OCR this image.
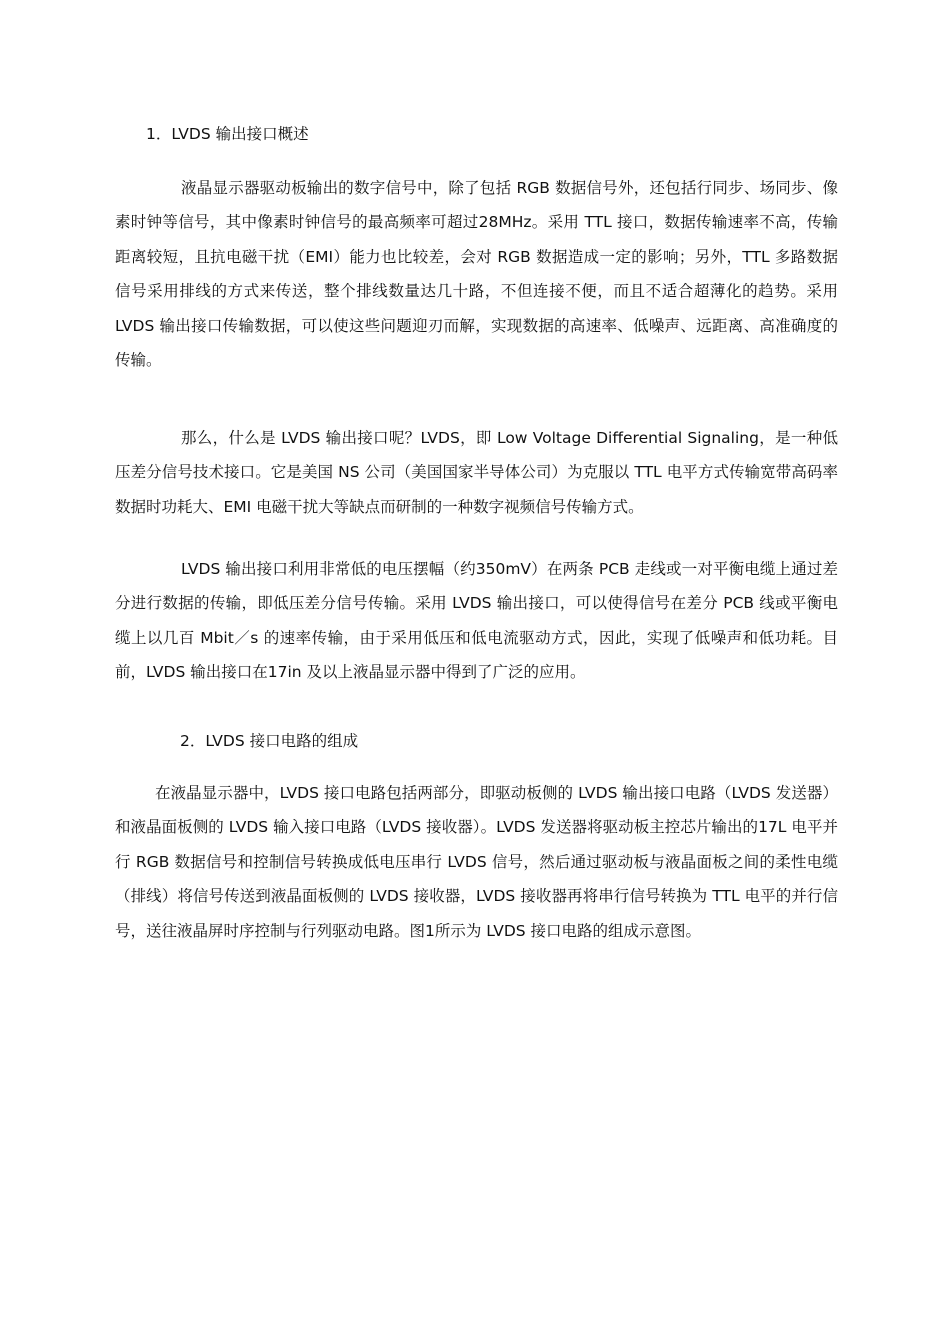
1．LVDS 输出接口概述

液晶显示器驱动板输出的数字信号中，除了包括 RGB 数据信号外，还包括行同步、场同步、像素时钟等信号，其中像素时钟信号的最高频率可超过28MHz。采用 TTL 接口，数据传输速率不高，传输距离较短，且抗电磁干扰（EMI）能力也比较差，会对 RGB 数据造成一定的影响；另外，TTL 多路数据信号采用排线的方式来传送，整个排线数量达几十路，不但连接不便，而且不适合超薄化的趋势。采用 LVDS 输出接口传输数据，可以使这些问题迎刃而解，实现数据的高速率、低噪声、远距离、高准确度的传输。

那么，什么是 LVDS 输出接口呢？LVDS，即 Low Voltage Differential Signaling，是一种低压差分信号技术接口。它是美国 NS 公司（美国国家半导体公司）为克服以 TTL 电平方式传输宽带高码率数据时功耗大、EMI 电磁干扰大等缺点而研制的一种数字视频信号传输方式。

LVDS 输出接口利用非常低的电压摆幅（约350mV）在两条 PCB 走线或一对平衡电缆上通过差分进行数据的传输，即低压差分信号传输。采用 LVDS 输出接口，可以使得信号在差分 PCB 线或平衡电缆上以几百 Mbit／s 的速率传输，由于采用低压和低电流驱动方式，因此，实现了低噪声和低功耗。目前，LVDS 输出接口在17in 及以上液晶显示器中得到了广泛的应用。

2．LVDS 接口电路的组成

在液晶显示器中，LVDS 接口电路包括两部分，即驱动板侧的 LVDS 输出接口电路（LVDS 发送器）和液晶面板侧的 LVDS 输入接口电路（LVDS 接收器）。LVDS 发送器将驱动板主控芯片输出的17L 电平并行 RGB 数据信号和控制信号转换成低电压串行 LVDS 信号，然后通过驱动板与液晶面板之间的柔性电缆（排线）将信号传送到液晶面板侧的 LVDS 接收器，LVDS 接收器再将串行信号转换为 TTL 电平的并行信号，送往液晶屏时序控制与行列驱动电路。图1所示为 LVDS 接口电路的组成示意图。
